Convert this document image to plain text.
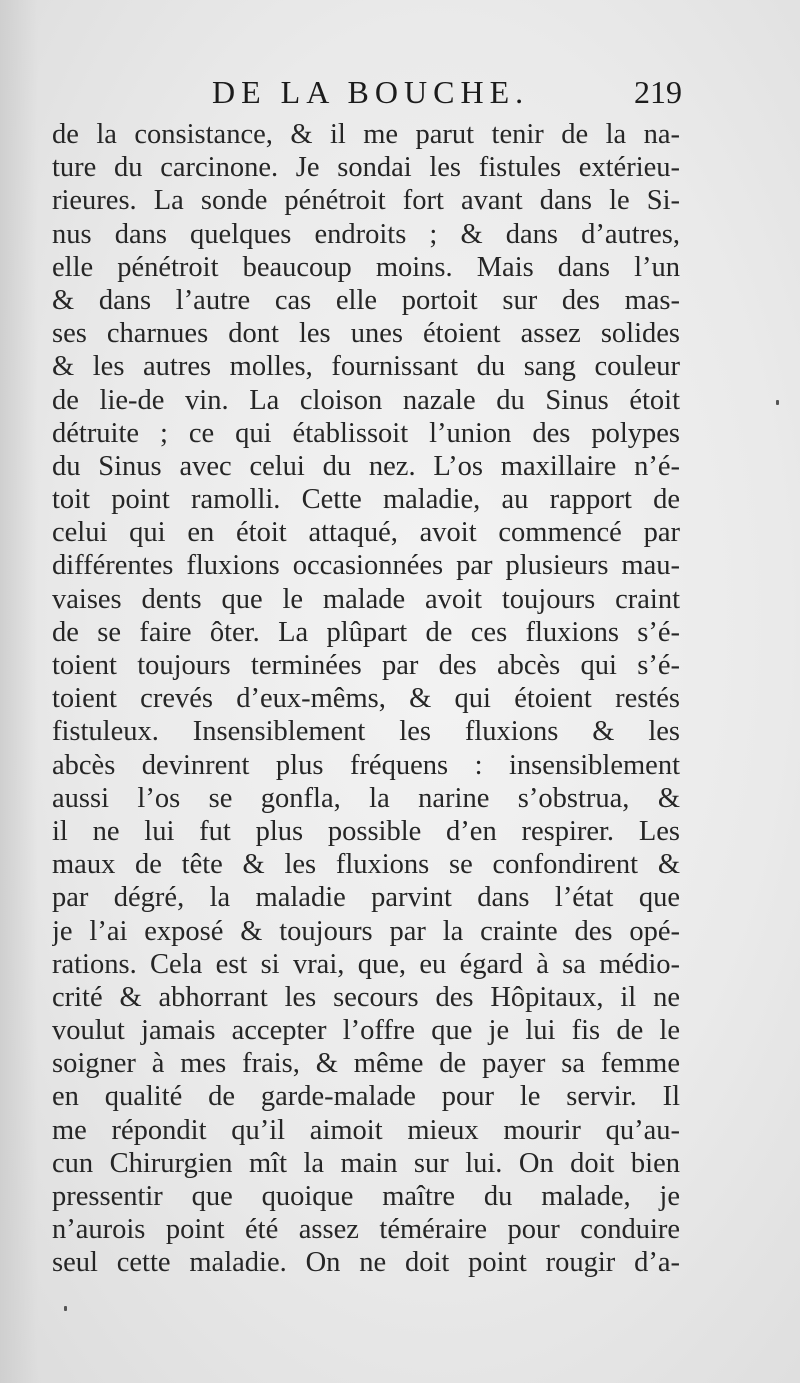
DE LA BOUCHE.	219
de la consistance, & il me parut tenir de la na-
ture du carcinone. Je sondai les fistules extérieu-
rieures. La sonde pénétroit fort avant dans le Si-
nus dans quelques endroits ; & dans d’autres,
elle pénétroit beaucoup moins. Mais dans l’un
& dans l’autre cas elle portoit sur des mas-
ses charnues dont les unes étoient assez solides
& les autres molles, fournissant du sang couleur
de lie-de vin. La cloison nazale du Sinus étoit
détruite ; ce qui établissoit l’union des polypes
du Sinus avec celui du nez. L’os maxillaire n’é-
toit point ramolli. Cette maladie, au rapport de
celui qui en étoit attaqué, avoit commencé par
différentes fluxions occasionnées par plusieurs mau-
vaises dents que le malade avoit toujours craint
de se faire ôter. La plûpart de ces fluxions s’é-
toient toujours terminées par des abcès qui s’é-
toient crevés d’eux-mêms, & qui étoient restés
fistuleux. Insensiblement les fluxions & les
abcès devinrent plus fréquens : insensiblement
aussi l’os se gonfla, la narine s’obstrua, &
il ne lui fut plus possible d’en respirer. Les
maux de tête & les fluxions se confondirent &
par dégré, la maladie parvint dans l’état que
je l’ai exposé & toujours par la crainte des opé-
rations. Cela est si vrai, que, eu égard à sa médio-
crité & abhorrant les secours des Hôpitaux, il ne
voulut jamais accepter l’offre que je lui fis de le
soigner à mes frais, & même de payer sa femme
en qualité de garde-malade pour le servir. Il
me répondit qu’il aimoit mieux mourir qu’au-
cun Chirurgien mît la main sur lui. On doit bien
pressentir que quoique maître du malade, je
n’aurois point été assez téméraire pour conduire
seul cette maladie. On ne doit point rougir d’a-
